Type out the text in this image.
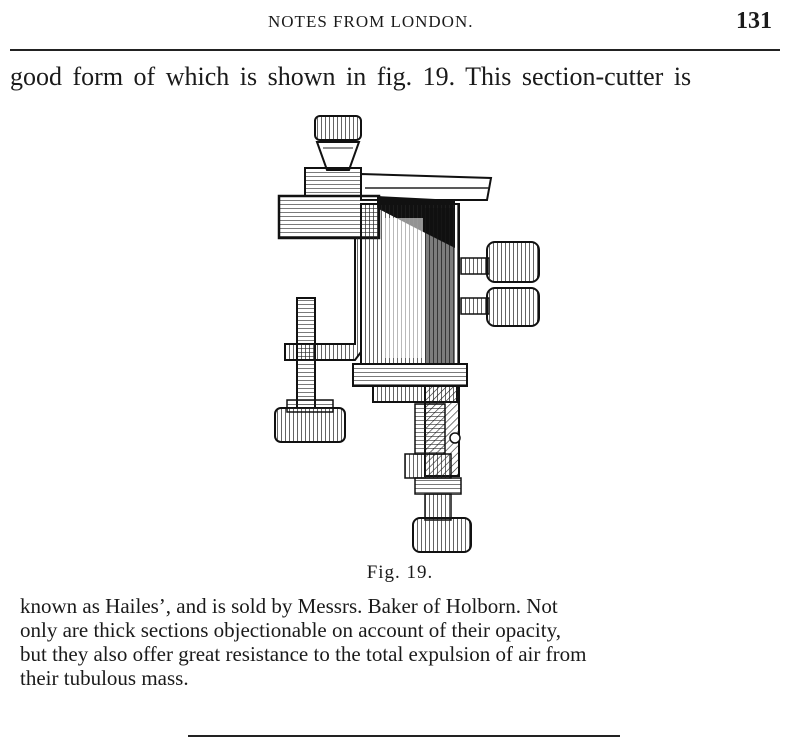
NOTES FROM LONDON.	131
good form of which is shown in fig. 19. This section-cutter is
Fig. 19.
known as Hailes’, and is sold by Messrs. Baker of Holborn. Not
only are thick sections objectionable on account of their opacity,
but they also offer great resistance to the total expulsion of air from
their tubulous mass.
